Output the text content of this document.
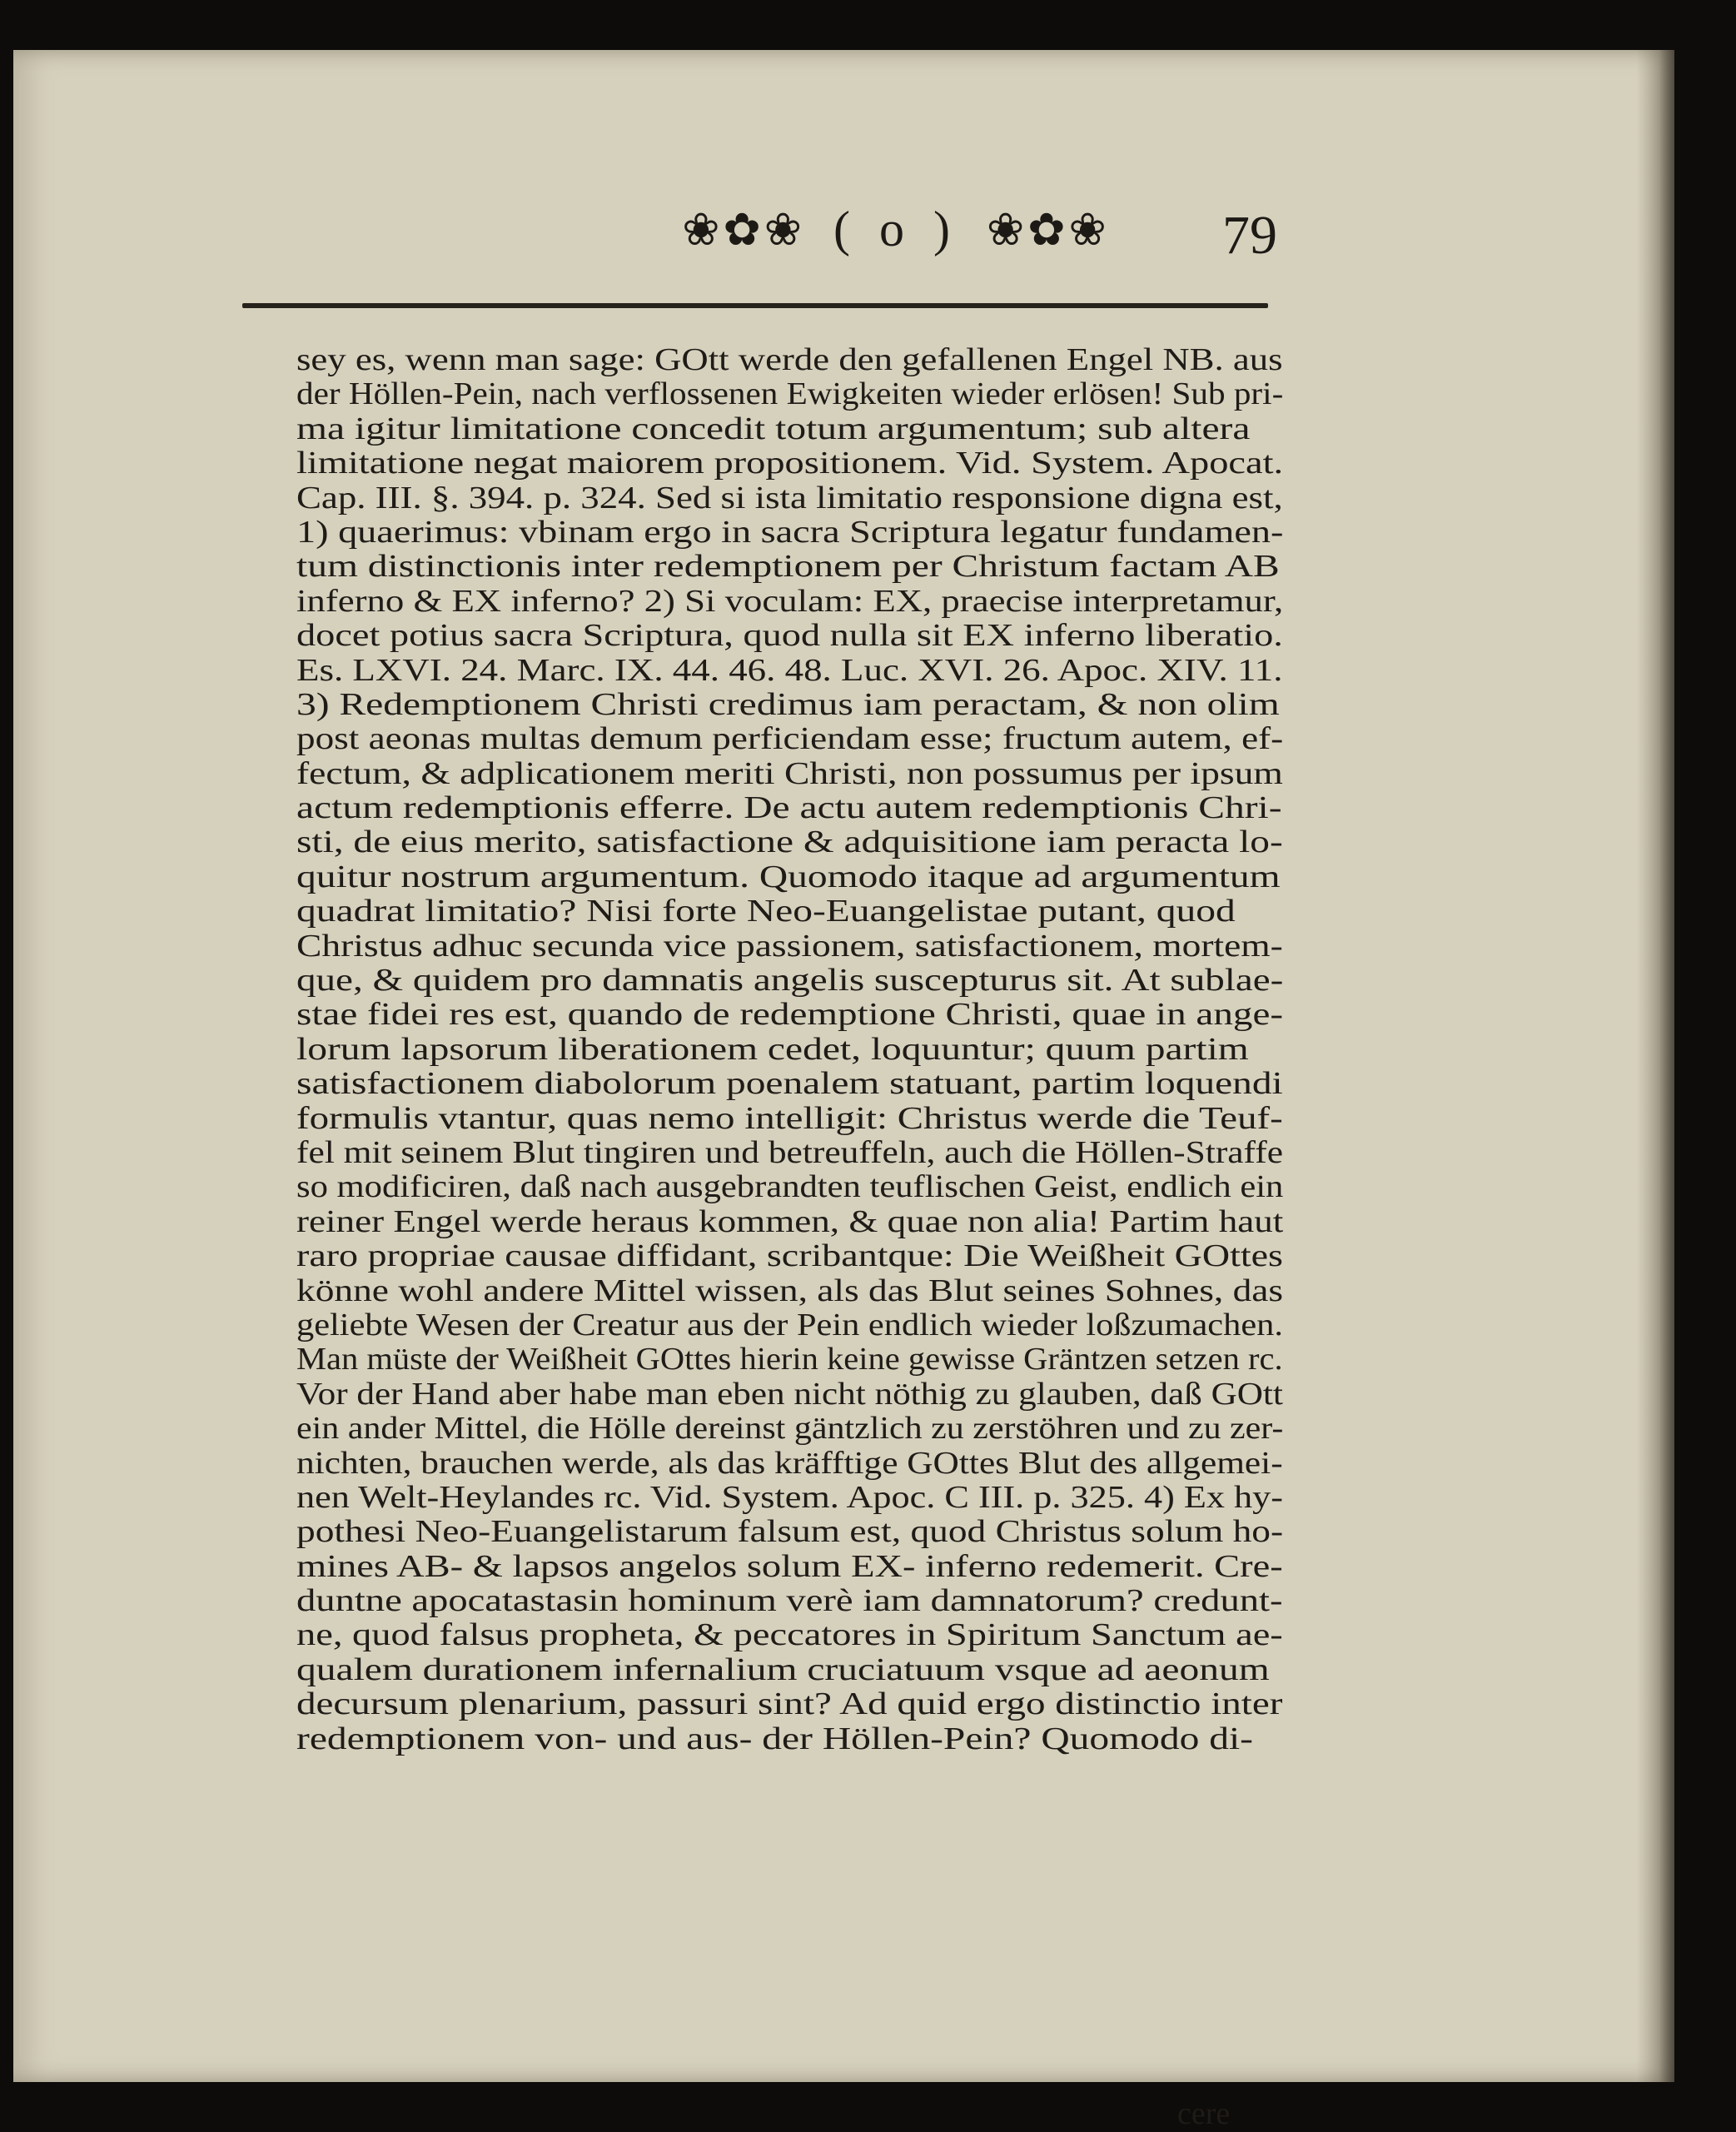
❀✿❀ ( o ) ❀✿❀ 79
sey es, wenn man sage: GOtt werde den gefallenen Engel NB. aus
der Höllen-Pein, nach verflossenen Ewigkeiten wieder erlösen! Sub pri-
ma igitur limitatione concedit totum argumentum; sub altera
limitatione negat maiorem propositionem. Vid. System. Apocat.
Cap. III. §. 394. p. 324. Sed si ista limitatio responsione digna est,
1) quaerimus: vbinam ergo in sacra Scriptura legatur fundamen-
tum distinctionis inter redemptionem per Christum factam AB
inferno & EX inferno? 2) Si voculam: EX, praecise interpretamur,
docet potius sacra Scriptura, quod nulla sit EX inferno liberatio.
Es. LXVI. 24. Marc. IX. 44. 46. 48. Luc. XVI. 26. Apoc. XIV. 11.
3) Redemptionem Christi credimus iam peractam, & non olim
post aeonas multas demum perficiendam esse; fructum autem, ef-
fectum, & adplicationem meriti Christi, non possumus per ipsum
actum redemptionis efferre. De actu autem redemptionis Chri-
sti, de eius merito, satisfactione & adquisitione iam peracta lo-
quitur nostrum argumentum. Quomodo itaque ad argumentum
quadrat limitatio? Nisi forte Neo-Euangelistae putant, quod
Christus adhuc secunda vice passionem, satisfactionem, mortem-
que, & quidem pro damnatis angelis suscepturus sit. At sublae-
stae fidei res est, quando de redemptione Christi, quae in ange-
lorum lapsorum liberationem cedet, loquuntur; quum partim
satisfactionem diabolorum poenalem statuant, partim loquendi
formulis vtantur, quas nemo intelligit: Christus werde die Teuf-
fel mit seinem Blut tingiren und betreuffeln, auch die Höllen-Straffe
so modificiren, daß nach ausgebrandten teuflischen Geist, endlich ein
reiner Engel werde heraus kommen, & quae non alia! Partim haut
raro propriae causae diffidant, scribantque: Die Weißheit GOttes
könne wohl andere Mittel wissen, als das Blut seines Sohnes, das
geliebte Wesen der Creatur aus der Pein endlich wieder loßzumachen.
Man müste der Weißheit GOttes hierin keine gewisse Gräntzen setzen rc.
Vor der Hand aber habe man eben nicht nöthig zu glauben, daß GOtt
ein ander Mittel, die Hölle dereinst gäntzlich zu zerstöhren und zu zer-
nichten, brauchen werde, als das kräfftige GOttes Blut des allgemei-
nen Welt-Heylandes rc. Vid. System. Apoc. C III. p. 325. 4) Ex hy-
pothesi Neo-Euangelistarum falsum est, quod Christus solum ho-
mines AB- & lapsos angelos solum EX- inferno redemerit. Cre-
duntne apocatastasin hominum verè iam damnatorum? credunt-
ne, quod falsus propheta, & peccatores in Spiritum Sanctum ae-
qualem durationem infernalium cruciatuum vsque ad aeonum
decursum plenarium, passuri sint? Ad quid ergo distinctio inter
redemptionem von- und aus- der Höllen-Pein? Quomodo di-
cere
